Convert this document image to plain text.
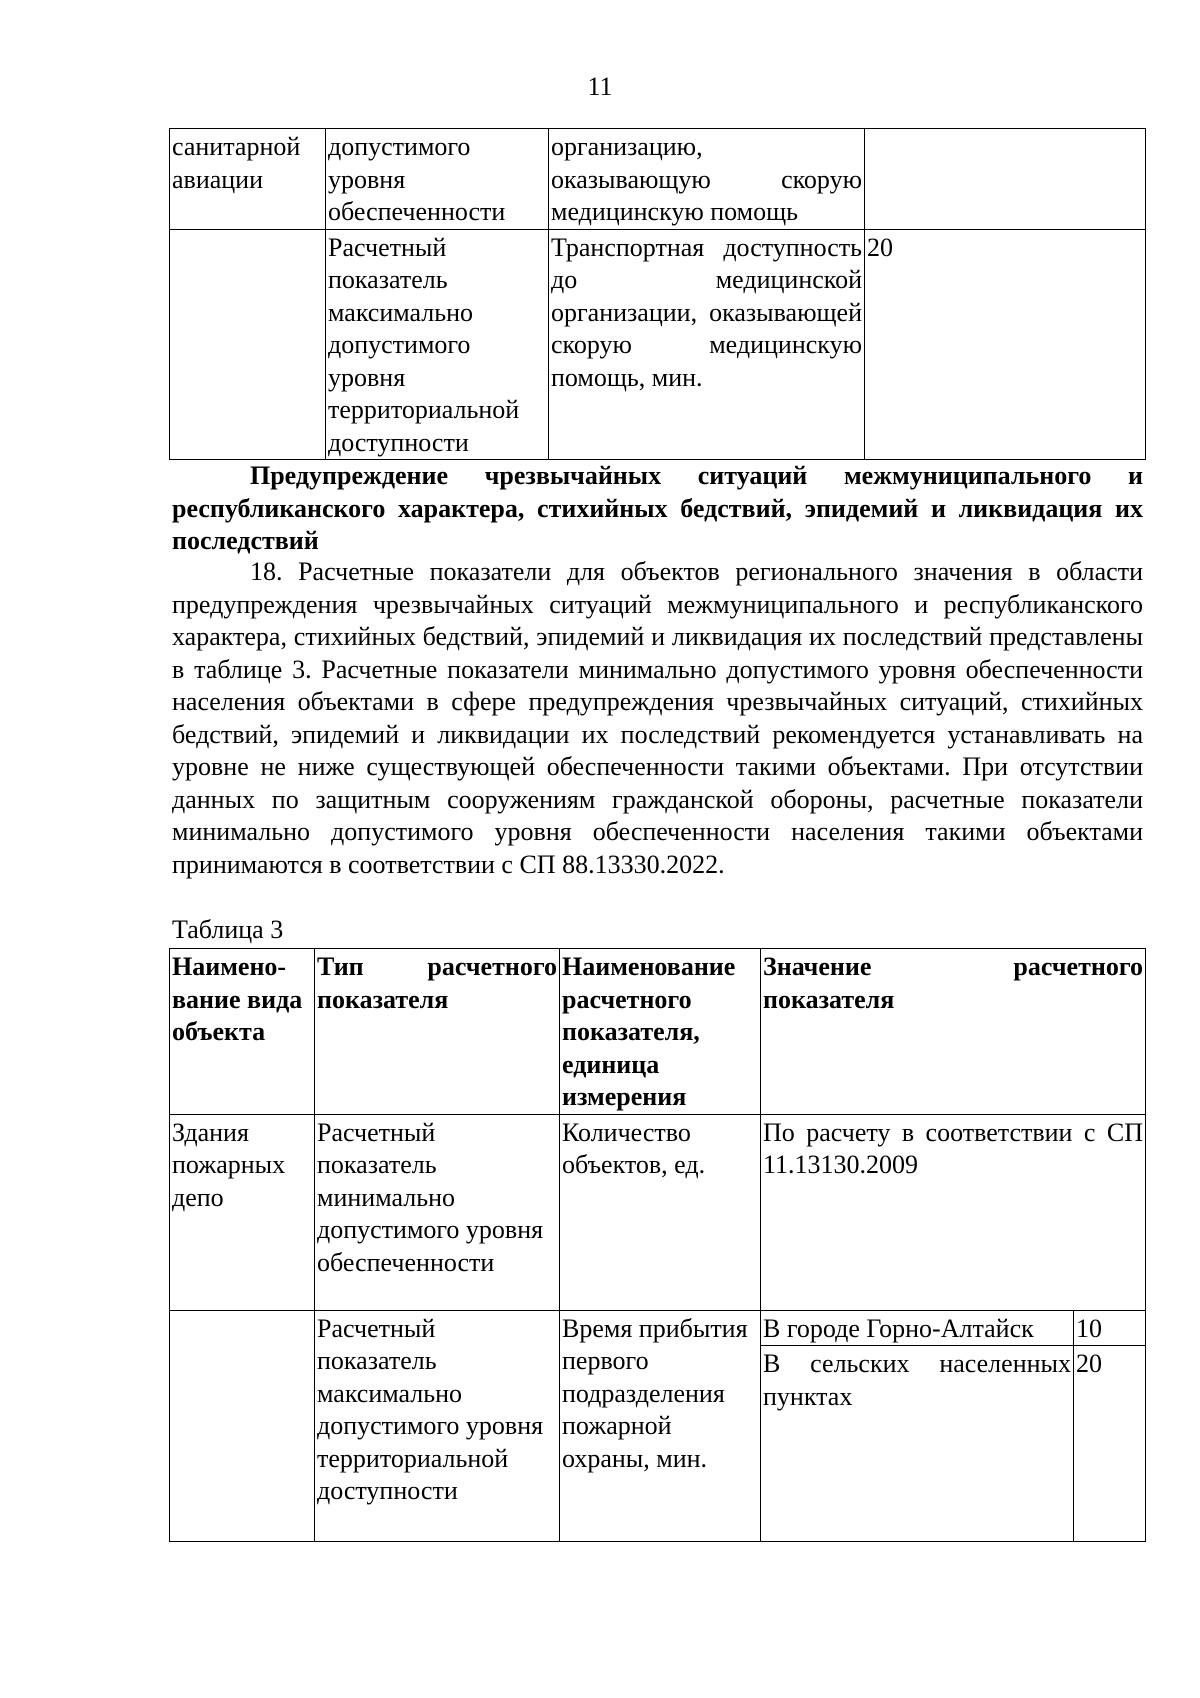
11
санитарной авиации	допустимого уровня обеспеченности	организацию, оказывающую скорую медицинскую помощь	
	Расчетный показатель максимально допустимого уровня территориальной доступности	Транспортная доступность до медицинской организации, оказывающей скорую медицинскую помощь, мин.	20

Предупреждение чрезвычайных ситуаций межмуниципального и республиканского характера, стихийных бедствий, эпидемий и ликвидация их последствий

18. Расчетные показатели для объектов регионального значения в области предупреждения чрезвычайных ситуаций межмуниципального и республиканского характера, стихийных бедствий, эпидемий и ликвидация их последствий представлены в таблице 3. Расчетные показатели минимально допустимого уровня обеспеченности населения объектами в сфере предупреждения чрезвычайных ситуаций, стихийных бедствий, эпидемий и ликвидации их последствий рекомендуется устанавливать на уровне не ниже существующей обеспеченности такими объектами. При отсутствии данных по защитным сооружениям гражданской обороны, расчетные показатели минимально допустимого уровня обеспеченности населения такими объектами принимаются в соответствии с СП 88.13330.2022.

Таблица 3
Наимено-вание вида объекта	Тип расчетного показателя	Наименование расчетного показателя, единица измерения	Значение расчетного показателя	
Здания пожарных депо	Расчетный показатель минимально допустимого уровня обеспеченности	Количество объектов, ед.	По расчету в соответствии с СП 11.13130.2009	
	Расчетный показатель максимально допустимого уровня территориальной доступности	Время прибытия первого подразделения пожарной охраны, мин.	В городе Горно-Алтайск	10
			В сельских населенных пунктах	20
